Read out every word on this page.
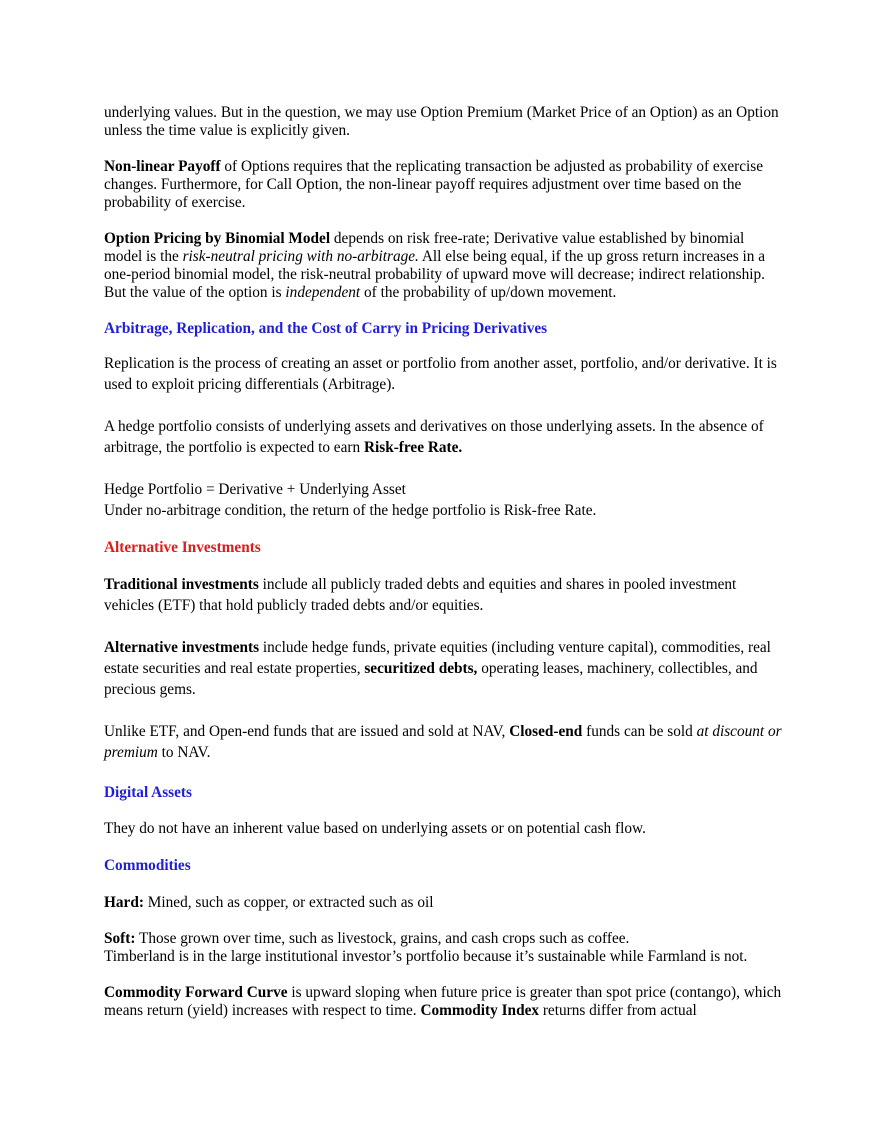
underlying values. But in the question, we may use Option Premium (Market Price of an Option) as an Option unless the time value is explicitly given.

Non-linear Payoff of Options requires that the replicating transaction be adjusted as probability of exercise changes. Furthermore, for Call Option, the non-linear payoff requires adjustment over time based on the probability of exercise.

Option Pricing by Binomial Model depends on risk free-rate; Derivative value established by binomial model is the risk-neutral pricing with no-arbitrage. All else being equal, if the up gross return increases in a one-period binomial model, the risk-neutral probability of upward move will decrease; indirect relationship. But the value of the option is independent of the probability of up/down movement.

Arbitrage, Replication, and the Cost of Carry in Pricing Derivatives

Replication is the process of creating an asset or portfolio from another asset, portfolio, and/or derivative. It is used to exploit pricing differentials (Arbitrage).

A hedge portfolio consists of underlying assets and derivatives on those underlying assets. In the absence of arbitrage, the portfolio is expected to earn Risk-free Rate.

Hedge Portfolio = Derivative + Underlying Asset
Under no-arbitrage condition, the return of the hedge portfolio is Risk-free Rate.

Alternative Investments

Traditional investments include all publicly traded debts and equities and shares in pooled investment vehicles (ETF) that hold publicly traded debts and/or equities.

Alternative investments include hedge funds, private equities (including venture capital), commodities, real estate securities and real estate properties, securitized debts, operating leases, machinery, collectibles, and precious gems.

Unlike ETF, and Open-end funds that are issued and sold at NAV, Closed-end funds can be sold at discount or premium to NAV.

Digital Assets

They do not have an inherent value based on underlying assets or on potential cash flow.

Commodities

Hard: Mined, such as copper, or extracted such as oil

Soft: Those grown over time, such as livestock, grains, and cash crops such as coffee.
Timberland is in the large institutional investor’s portfolio because it’s sustainable while Farmland is not.

Commodity Forward Curve is upward sloping when future price is greater than spot price (contango), which means return (yield) increases with respect to time. Commodity Index returns differ from actual
